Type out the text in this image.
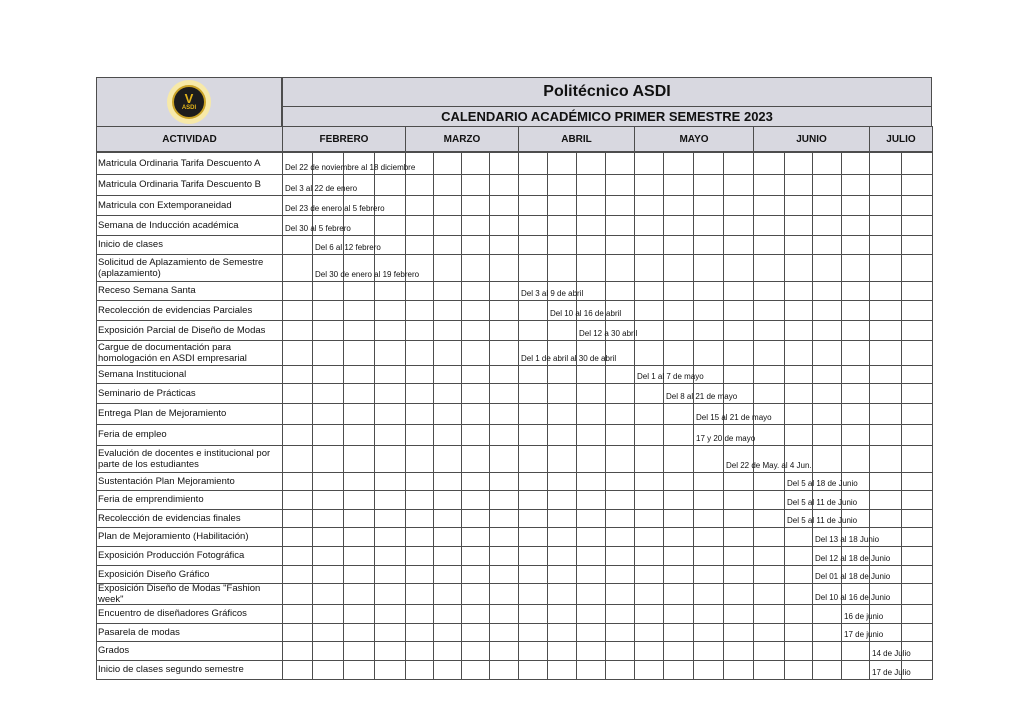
V
ASDI
Politécnico ASDI
CALENDARIO ACADÉMICO PRIMER SEMESTRE 2023
ACTIVIDAD	FEBRERO	MARZO	ABRIL	MAYO	JUNIO	JULIO
Matricula Ordinaria Tarifa Descuento A	Del 22 de noviembre al 18 diciembre
Matricula Ordinaria Tarifa Descuento B	Del 3 al 22 de enero
Matricula con Extemporaneidad	Del 23 de enero al 5 febrero
Semana de Inducción académica	Del 30 al 5 febrero
Inicio de clases	Del 6 al 12 febrero
Solicitud de Aplazamiento de Semestre (aplazamiento)	Del 30 de enero al 19 febrero
Receso Semana Santa	Del 3 al 9 de abril
Recolección de evidencias Parciales	Del 10 al 16 de abril
Exposición Parcial de Diseño de Modas	Del 12 a 30 abril
Cargue de documentación para homologación en ASDI empresarial	Del 1 de abril al 30 de abril
Semana Institucional	Del 1 al 7 de mayo
Seminario de Prácticas	Del 8 al 21 de mayo
Entrega Plan de Mejoramiento	Del 15 al 21 de mayo
Feria de empleo	17 y 20 de mayo
Evalución de docentes e institucional por parte de los estudiantes	Del 22 de May. al 4 Jun.
Sustentación Plan Mejoramiento	Del 5 al 18 de Junio
Feria de emprendimiento	Del 5 al 11 de Junio
Recolección de evidencias finales	Del 5 al 11 de Junio
Plan de Mejoramiento (Habilitación)	Del 13 al 18 Junio
Exposición Producción Fotográfica	Del 12 al 18 de Junio
Exposición Diseño Gráfico	Del 01 al 18 de Junio
Exposición Diseño de Modas "Fashion week"	Del 10 al 16 de Junio
Encuentro de diseñadores Gráficos	16 de junio
Pasarela de modas	17 de junio
Grados	14 de Julio
Inicio de clases segundo semestre	17 de Julio
